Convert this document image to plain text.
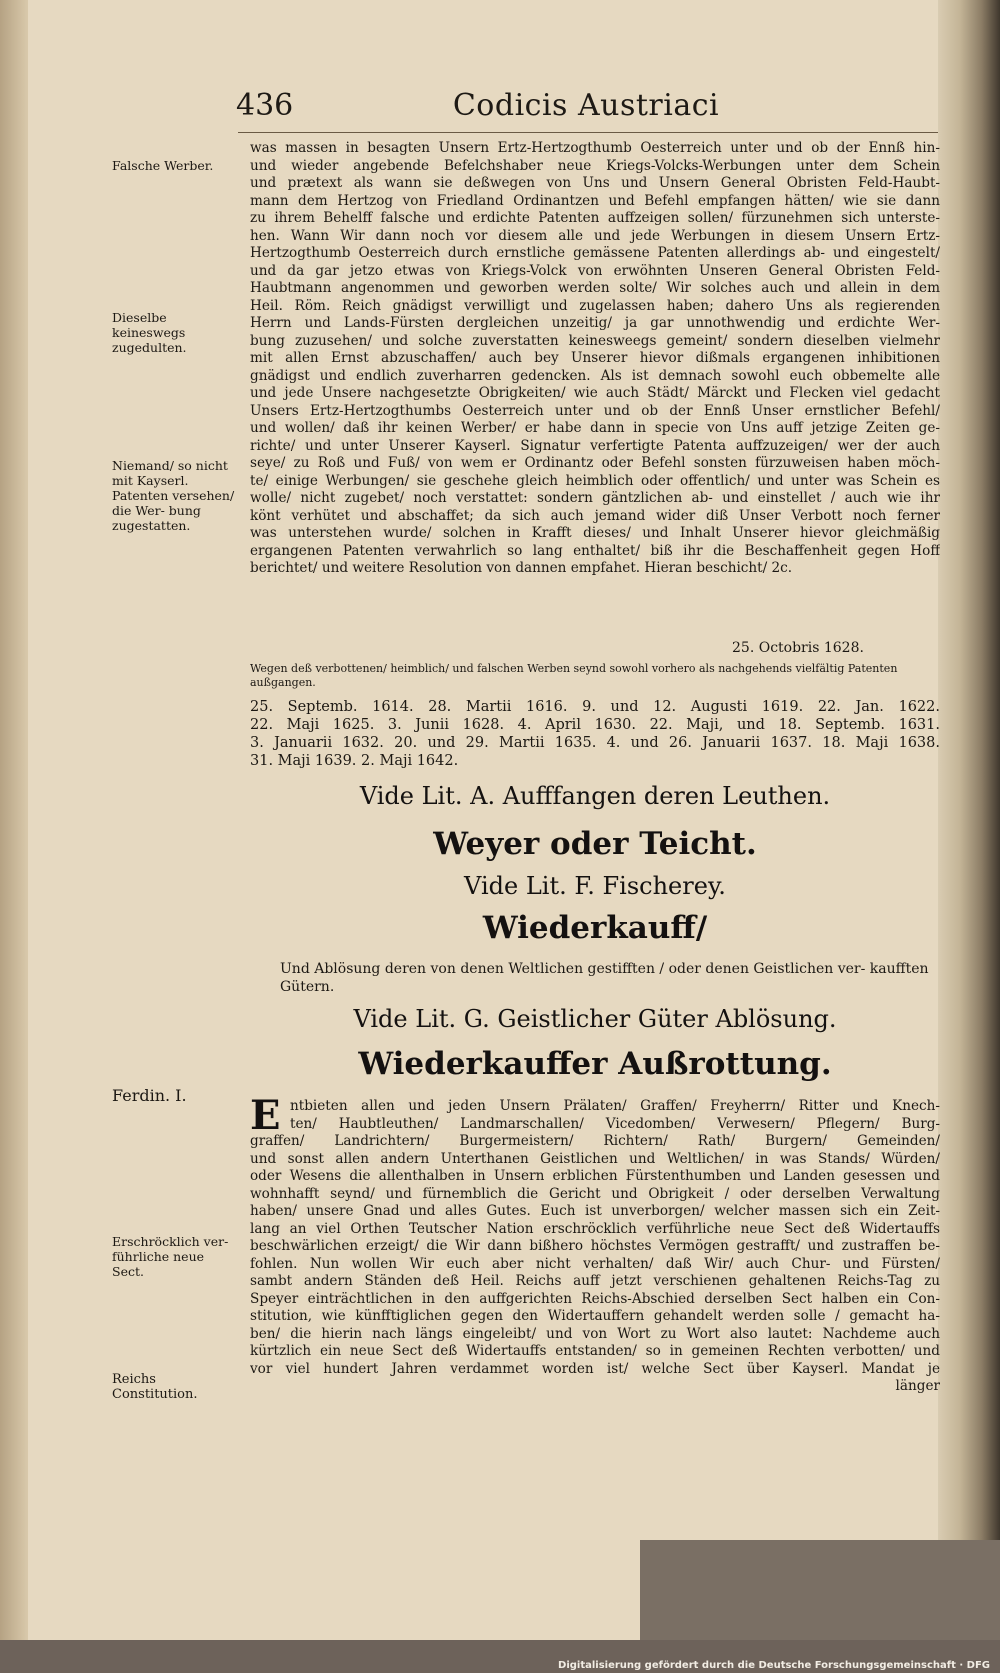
436	Codicis Austriaci
Falsche Werber.
Dieselbe keineswegs zugedulten.
Niemand/ so nicht mit Kayserl. Patenten versehen/ die Wer- bung zugestatten.
Erschröcklich ver- führliche neue Sect.
Reichs Constitution.
was massen in besagten Unsern Ertz-Hertzogthumb Oesterreich unter und ob der Ennß hin-
und wieder angebende Befelchshaber neue Kriegs-Volcks-Werbungen unter dem Schein
und prætext als wann sie deßwegen von Uns und Unsern General Obristen Feld-Haubt-
mann dem Hertzog von Friedland Ordinantzen und Befehl empfangen hätten/ wie sie dann
zu ihrem Behelff falsche und erdichte Patenten auffzeigen sollen/ fürzunehmen sich unterste-
hen. Wann Wir dann noch vor diesem alle und jede Werbungen in diesem Unsern Ertz-
Hertzogthumb Oesterreich durch ernstliche gemässene Patenten allerdings ab- und eingestelt/
und da gar jetzo etwas von Kriegs-Volck von erwöhnten Unseren General Obristen Feld-
Haubtmann angenommen und geworben werden solte/ Wir solches auch und allein in dem
Heil. Röm. Reich gnädigst verwilligt und zugelassen haben; dahero Uns als regierenden
Herrn und Lands-Fürsten dergleichen unzeitig/ ja gar unnothwendig und erdichte Wer-
bung zuzusehen/ und solche zuverstatten keinesweegs gemeint/ sondern dieselben vielmehr
mit allen Ernst abzuschaffen/ auch bey Unserer hievor dißmals ergangenen inhibitionen
gnädigst und endlich zuverharren gedencken. Als ist demnach sowohl euch obbemelte alle
und jede Unsere nachgesetzte Obrigkeiten/ wie auch Städt/ Märckt und Flecken viel gedacht
Unsers Ertz-Hertzogthumbs Oesterreich unter und ob der Ennß Unser ernstlicher Befehl/
und wollen/ daß ihr keinen Werber/ er habe dann in specie von Uns auff jetzige Zeiten ge-
richte/ und unter Unserer Kayserl. Signatur verfertigte Patenta auffzuzeigen/ wer der auch
seye/ zu Roß und Fuß/ von wem er Ordinantz oder Befehl sonsten fürzuweisen haben möch-
te/ einige Werbungen/ sie geschehe gleich heimblich oder offentlich/ und unter was Schein es
wolle/ nicht zugebet/ noch verstattet: sondern gäntzlichen ab- und einstellet / auch wie ihr
könt verhütet und abschaffet; da sich auch jemand wider diß Unser Verbott noch ferner
was unterstehen wurde/ solchen in Krafft dieses/ und Inhalt Unserer hievor gleichmäßig
ergangenen Patenten verwahrlich so lang enthaltet/ biß ihr die Beschaffenheit gegen Hoff
berichtet/ und weitere Resolution von dannen empfahet. Hieran beschicht/ 2c.
25. Octobris 1628.
Wegen deß verbottenen/ heimblich/ und falschen Werben seynd sowohl vorhero als nachgehends vielfältig Patenten außgangen.
25. Septemb. 1614. 28. Martii 1616. 9. und 12. Augusti 1619. 22. Jan. 1622.
22. Maji 1625. 3. Junii 1628. 4. April 1630. 22. Maji, und 18. Septemb. 1631.
3. Januarii 1632. 20. und 29. Martii 1635. 4. und 26. Januarii 1637. 18. Maji 1638.
31. Maji 1639. 2. Maji 1642.
Vide Lit. A. Aufffangen deren Leuthen.
Weyer oder Teicht.
Vide Lit. F. Fischerey.
Wiederkauff/
Und Ablösung deren von denen Weltlichen gestifften / oder denen Geistlichen ver- kaufften Gütern.
Vide Lit. G. Geistlicher Güter Ablösung.
Wiederkauffer Außrottung.
Ferdin. I. E ntbieten allen und jeden Unsern Prälaten/ Graffen/ Freyherrn/ Ritter und Knech-
ten/ Haubtleuthen/ Landmarschallen/ Vicedomben/ Verwesern/ Pflegern/ Burg-
graffen/ Landrichtern/ Burgermeistern/ Richtern/ Rath/ Burgern/ Gemeinden/
und sonst allen andern Unterthanen Geistlichen und Weltlichen/ in was Stands/ Würden/
oder Wesens die allenthalben in Unsern erblichen Fürstenthumben und Landen gesessen und
wohnhafft seynd/ und fürnemblich die Gericht und Obrigkeit / oder derselben Verwaltung
haben/ unsere Gnad und alles Gutes. Euch ist unverborgen/ welcher massen sich ein Zeit-
lang an viel Orthen Teutscher Nation erschröcklich verführliche neue Sect deß Widertauffs
beschwärlichen erzeigt/ die Wir dann bißhero höchstes Vermögen gestrafft/ und zustraffen be-
fohlen. Nun wollen Wir euch aber nicht verhalten/ daß Wir/ auch Chur- und Fürsten/
sambt andern Ständen deß Heil. Reichs auff jetzt verschienen gehaltenen Reichs-Tag zu
Speyer einträchtlichen in den auffgerichten Reichs-Abschied derselben Sect halben ein Con-
stitution, wie künfftiglichen gegen den Widertauffern gehandelt werden solle / gemacht ha-
ben/ die hierin nach längs eingeleibt/ und von Wort zu Wort also lautet: Nachdeme auch
kürtzlich ein neue Sect deß Widertauffs entstanden/ so in gemeinen Rechten verbotten/ und
vor viel hundert Jahren verdammet worden ist/ welche Sect über Kayserl. Mandat je
länger
Digitalisierung gefördert durch die Deutsche Forschungsgemeinschaft · DFG
